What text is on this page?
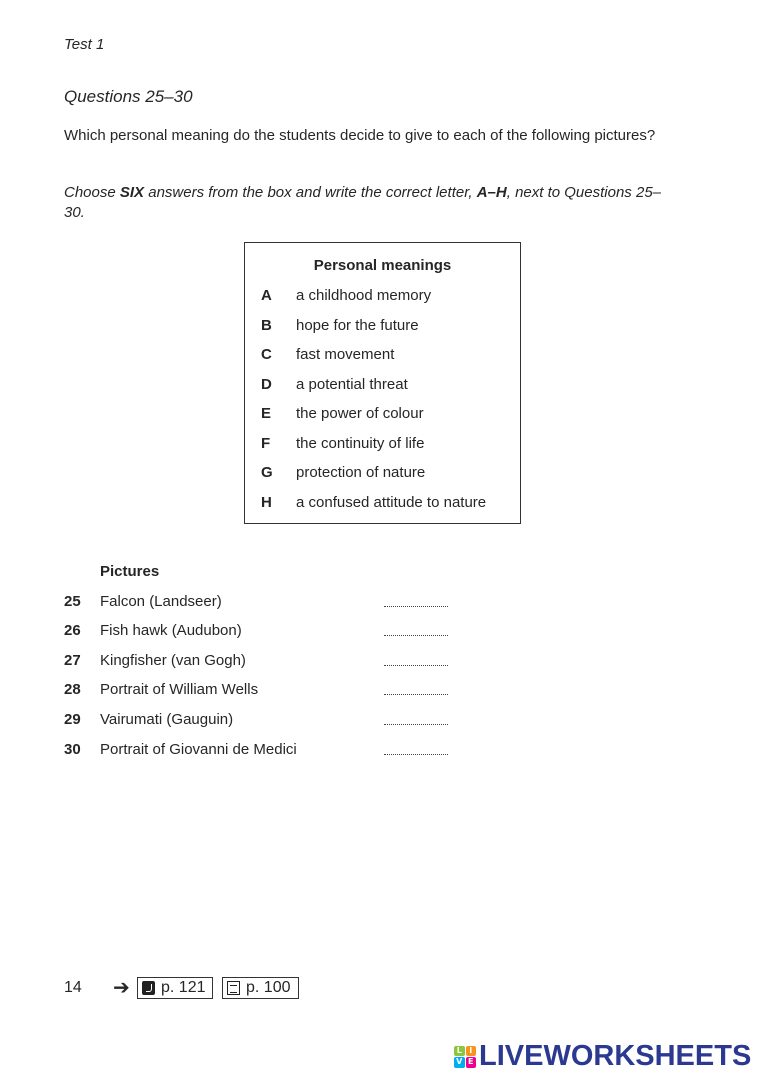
Test 1
Questions 25–30
Which personal meaning do the students decide to give to each of the following pictures?
Choose SIX answers from the box and write the correct letter, A–H, next to Questions 25–30.
Personal meanings
A a childhood memory
B hope for the future
C fast movement
D a potential threat
E the power of colour
F the continuity of life
G protection of nature
H a confused attitude to nature
Pictures
25 Falcon (Landseer)
26 Fish hawk (Audubon)
27 Kingfisher (van Gogh)
28 Portrait of William Wells
29 Vairumati (Gauguin)
30 Portrait of Giovanni de Medici
14 ➔ p. 121	p. 100
L I
V E LIVEWORKSHEETS
